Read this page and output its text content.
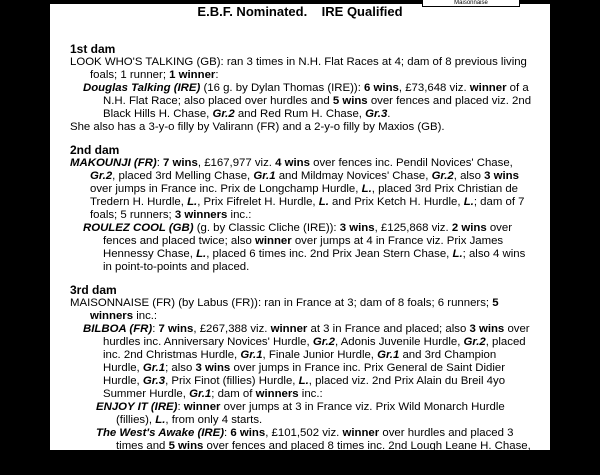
Maisonnaise
E.B.F. Nominated.    IRE Qualified

1st dam

LOOK WHO'S TALKING (GB): ran 3 times in N.H. Flat Races at 4; dam of 8 previous living foals; 1 runner; 1 winner:

Douglas Talking (IRE) (16 g. by Dylan Thomas (IRE)): 6 wins, £73,648 viz. winner of a N.H. Flat Race; also placed over hurdles and 5 wins over fences and placed viz. 2nd Black Hills H. Chase, Gr.2 and Red Rum H. Chase, Gr.3.

She also has a 3-y-o filly by Valirann (FR) and a 2-y-o filly by Maxios (GB).

2nd dam

MAKOUNJI (FR): 7 wins, £167,977 viz. 4 wins over fences inc. Pendil Novices' Chase, Gr.2, placed 3rd Melling Chase, Gr.1 and Mildmay Novices' Chase, Gr.2, also 3 wins over jumps in France inc. Prix de Longchamp Hurdle, L., placed 3rd Prix Christian de Tredern H. Hurdle, L., Prix Fifrelet H. Hurdle, L. and Prix Ketch H. Hurdle, L.; dam of 7 foals; 5 runners; 3 winners inc.:

ROULEZ COOL (GB) (g. by Classic Cliche (IRE)): 3 wins, £125,868 viz. 2 wins over fences and placed twice; also winner over jumps at 4 in France viz. Prix James Hennessy Chase, L., placed 6 times inc. 2nd Prix Jean Stern Chase, L.; also 4 wins in point-to-points and placed.

3rd dam

MAISONNAISE (FR) (by Labus (FR)): ran in France at 3; dam of 8 foals; 6 runners; 5 winners inc.:

BILBOA (FR): 7 wins, £267,388 viz. winner at 3 in France and placed; also 3 wins over hurdles inc. Anniversary Novices' Hurdle, Gr.2, Adonis Juvenile Hurdle, Gr.2, placed inc. 2nd Christmas Hurdle, Gr.1, Finale Junior Hurdle, Gr.1 and 3rd Champion Hurdle, Gr.1; also 3 wins over jumps in France inc. Prix General de Saint Didier Hurdle, Gr.3, Prix Finot (fillies) Hurdle, L., placed viz. 2nd Prix Alain du Breil 4yo Summer Hurdle, Gr.1; dam of winners inc.:

ENJOY IT (IRE): winner over jumps at 3 in France viz. Prix Wild Monarch Hurdle (fillies), L., from only 4 starts.

The West's Awake (IRE): 6 wins, £101,502 viz. winner over hurdles and placed 3 times and 5 wins over fences and placed 8 times inc. 2nd Lough Leane H. Chase, Gr.2 and 3rd Kinsale H. Chase, Gr.2 and Like a Butterfly
